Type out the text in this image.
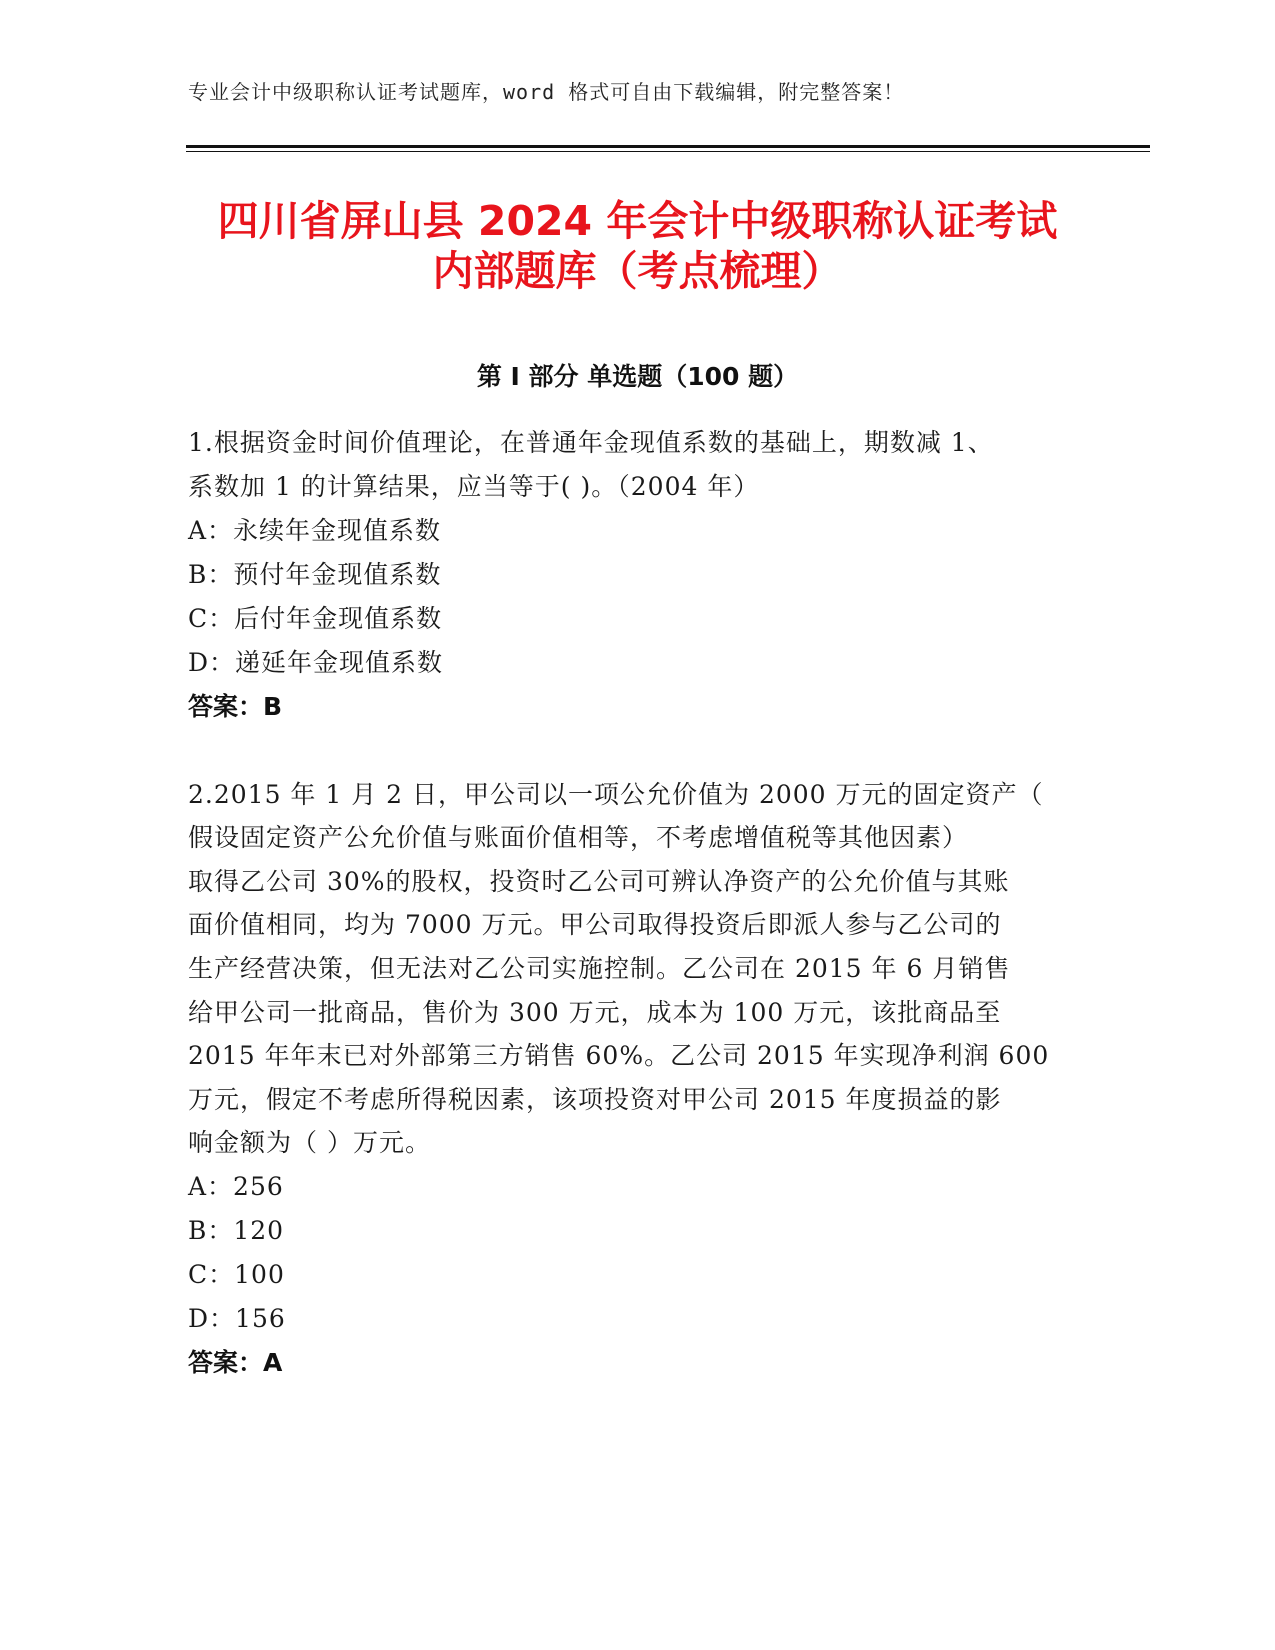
专业会计中级职称认证考试题库，word 格式可自由下载编辑，附完整答案！
四川省屏山县 2024 年会计中级职称认证考试
内部题库（考点梳理）
第 I 部分 单选题（100 题）
1.根据资金时间价值理论，在普通年金现值系数的基础上，期数减 1、
系数加 1 的计算结果，应当等于( )。（2004 年）
A：永续年金现值系数
B：预付年金现值系数
C：后付年金现值系数
D：递延年金现值系数
答案：B
2.2015 年 1 月 2 日，甲公司以一项公允价值为 2000 万元的固定资产（
假设固定资产公允价值与账面价值相等，不考虑增值税等其他因素）
取得乙公司 30%的股权，投资时乙公司可辨认净资产的公允价值与其账
面价值相同，均为 7000 万元。甲公司取得投资后即派人参与乙公司的
生产经营决策，但无法对乙公司实施控制。乙公司在 2015 年 6 月销售
给甲公司一批商品，售价为 300 万元，成本为 100 万元，该批商品至
2015 年年末已对外部第三方销售 60%。乙公司 2015 年实现净利润 600
万元，假定不考虑所得税因素，该项投资对甲公司 2015 年度损益的影
响金额为（ ）万元。
A：256
B：120
C：100
D：156
答案：A
